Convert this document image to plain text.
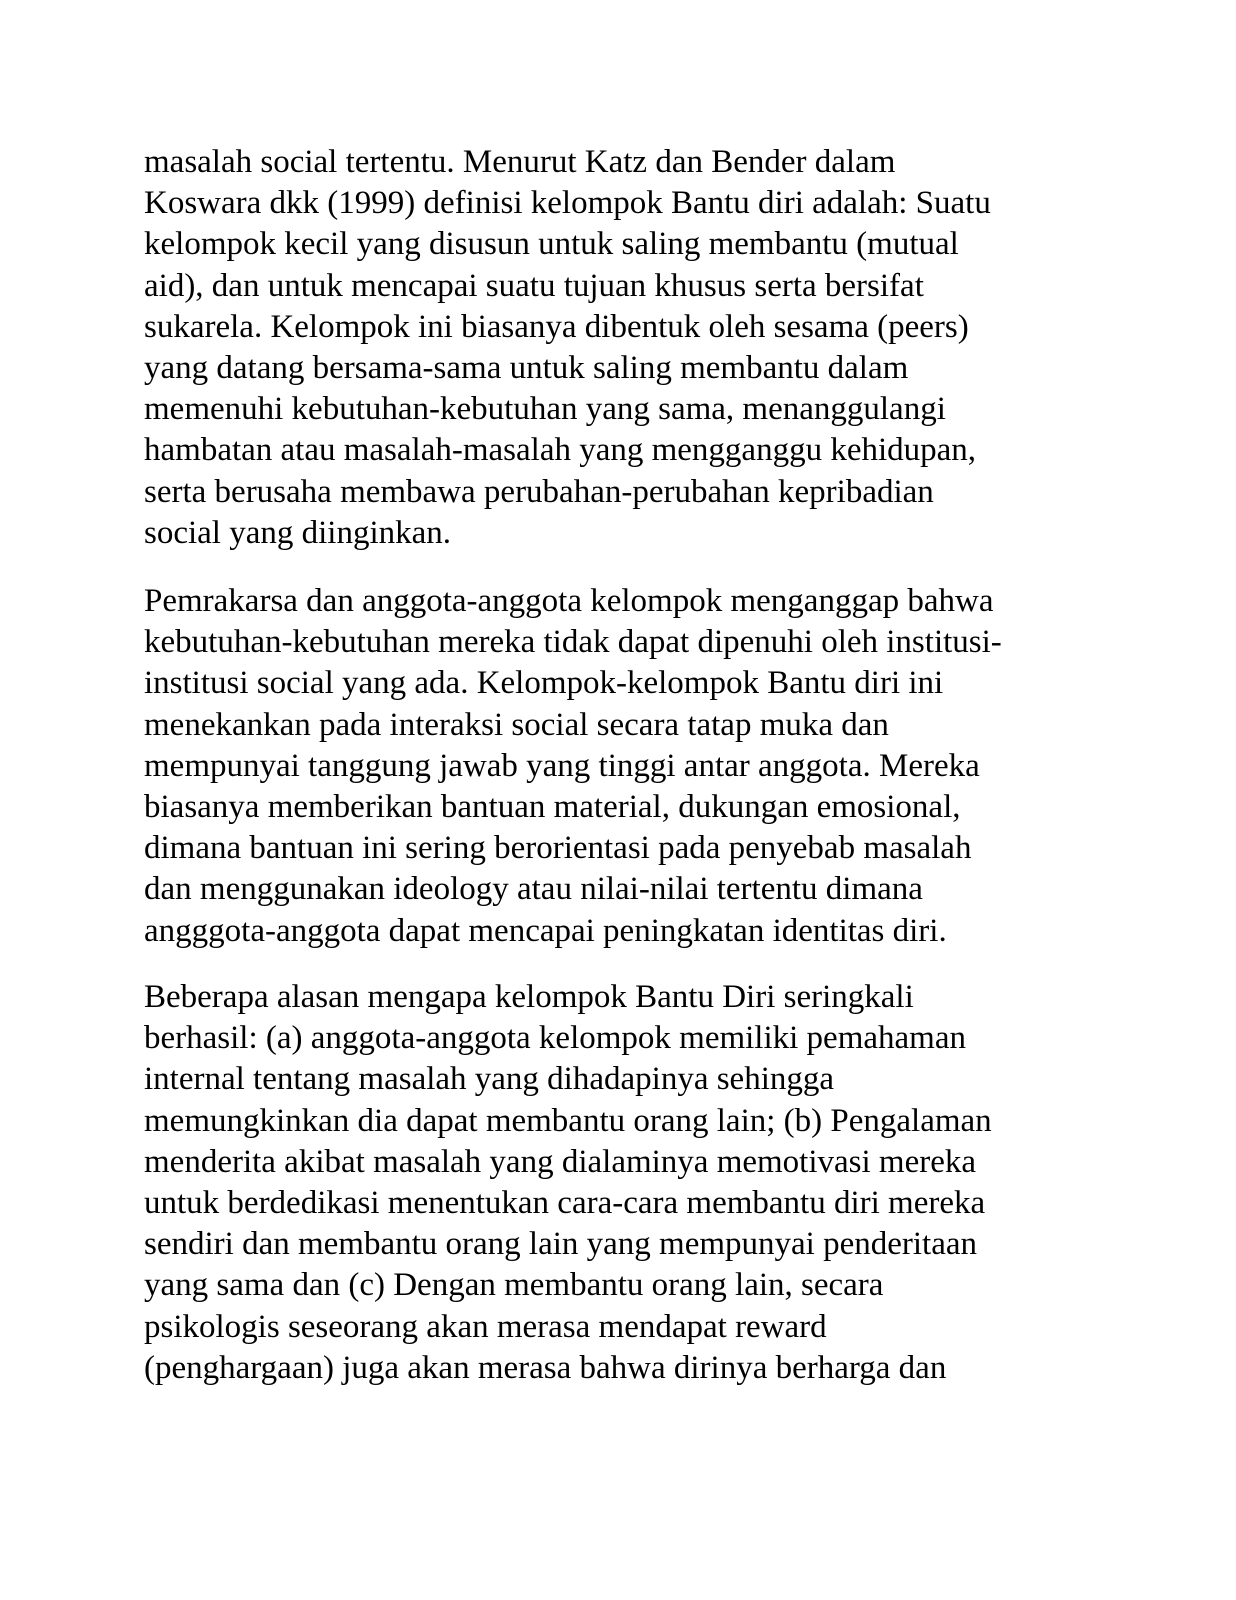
masalah social tertentu. Menurut Katz dan Bender dalam
Koswara dkk (1999) definisi kelompok Bantu diri adalah: Suatu
kelompok kecil yang disusun untuk saling membantu (mutual
aid), dan untuk mencapai suatu tujuan khusus serta bersifat
sukarela. Kelompok ini biasanya dibentuk oleh sesama (peers)
yang datang bersama-sama untuk saling membantu dalam
memenuhi kebutuhan-kebutuhan yang sama, menanggulangi
hambatan atau masalah-masalah yang mengganggu kehidupan,
serta berusaha membawa perubahan-perubahan kepribadian
social yang diinginkan.
Pemrakarsa dan anggota-anggota kelompok menganggap bahwa
kebutuhan-kebutuhan mereka tidak dapat dipenuhi oleh institusi-
institusi social yang ada. Kelompok-kelompok Bantu diri ini
menekankan pada interaksi social secara tatap muka dan
mempunyai tanggung jawab yang tinggi antar anggota. Mereka
biasanya memberikan bantuan material, dukungan emosional,
dimana bantuan ini sering berorientasi pada penyebab masalah
dan menggunakan ideology atau nilai-nilai tertentu dimana
angggota-anggota dapat mencapai peningkatan identitas diri.
Beberapa alasan mengapa kelompok Bantu Diri seringkali
berhasil: (a) anggota-anggota kelompok memiliki pemahaman
internal tentang masalah yang dihadapinya sehingga
memungkinkan dia dapat membantu orang lain; (b) Pengalaman
menderita akibat masalah yang dialaminya memotivasi mereka
untuk berdedikasi menentukan cara-cara membantu diri mereka
sendiri dan membantu orang lain yang mempunyai penderitaan
yang sama dan (c) Dengan membantu orang lain, secara
psikologis seseorang akan merasa mendapat reward
(penghargaan) juga akan merasa bahwa dirinya berharga dan
